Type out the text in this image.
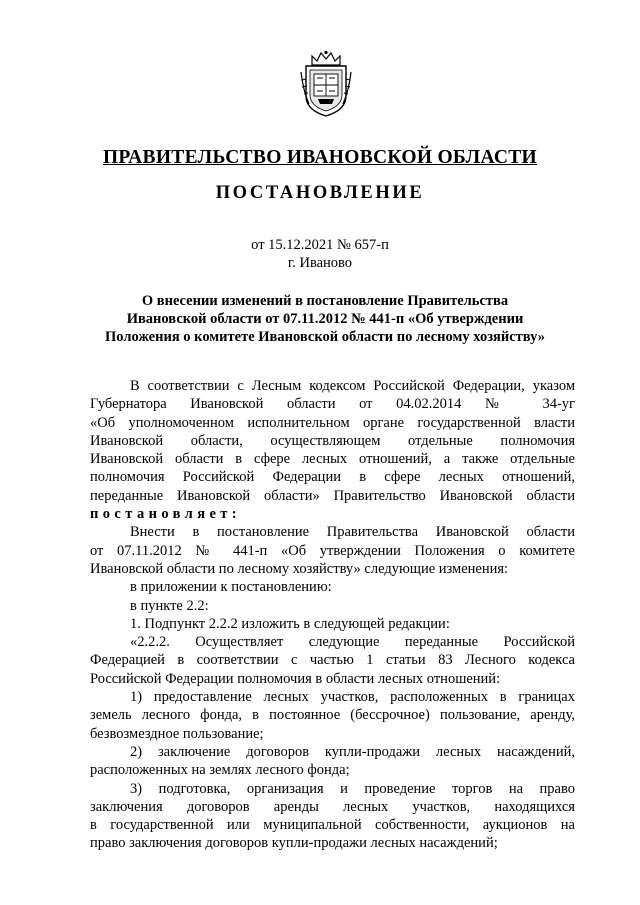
ПРАВИТЕЛЬСТВО ИВАНОВСКОЙ ОБЛАСТИ
ПОСТАНОВЛЕНИЕ
от 15.12.2021 № 657-п
г. Иваново
О внесении изменений в постановление Правительства
Ивановской области от 07.11.2012 № 441-п «Об утверждении
Положения о комитете Ивановской области по лесному хозяйству»
В соответствии с Лесным кодексом Российской Федерации, указом
Губернатора Ивановской области от 04.02.2014 № 34-уг
«Об уполномоченном исполнительном органе государственной власти
Ивановской области, осуществляющем отдельные полномочия
Ивановской области в сфере лесных отношений, а также отдельные
полномочия Российской Федерации в сфере лесных отношений,
переданные Ивановской области» Правительство Ивановской области
постановляет:
Внести в постановление Правительства Ивановской области
от 07.11.2012 № 441-п «Об утверждении Положения о комитете
Ивановской области по лесному хозяйству» следующие изменения:
в приложении к постановлению:
в пункте 2.2:
1. Подпункт 2.2.2 изложить в следующей редакции:
«2.2.2. Осуществляет следующие переданные Российской
Федерацией в соответствии с частью 1 статьи 83 Лесного кодекса
Российской Федерации полномочия в области лесных отношений:
1) предоставление лесных участков, расположенных в границах
земель лесного фонда, в постоянное (бессрочное) пользование, аренду,
безвозмездное пользование;
2) заключение договоров купли-продажи лесных насаждений,
расположенных на землях лесного фонда;
3) подготовка, организация и проведение торгов на право
заключения договоров аренды лесных участков, находящихся
в государственной или муниципальной собственности, аукционов на
право заключения договоров купли-продажи лесных насаждений;
